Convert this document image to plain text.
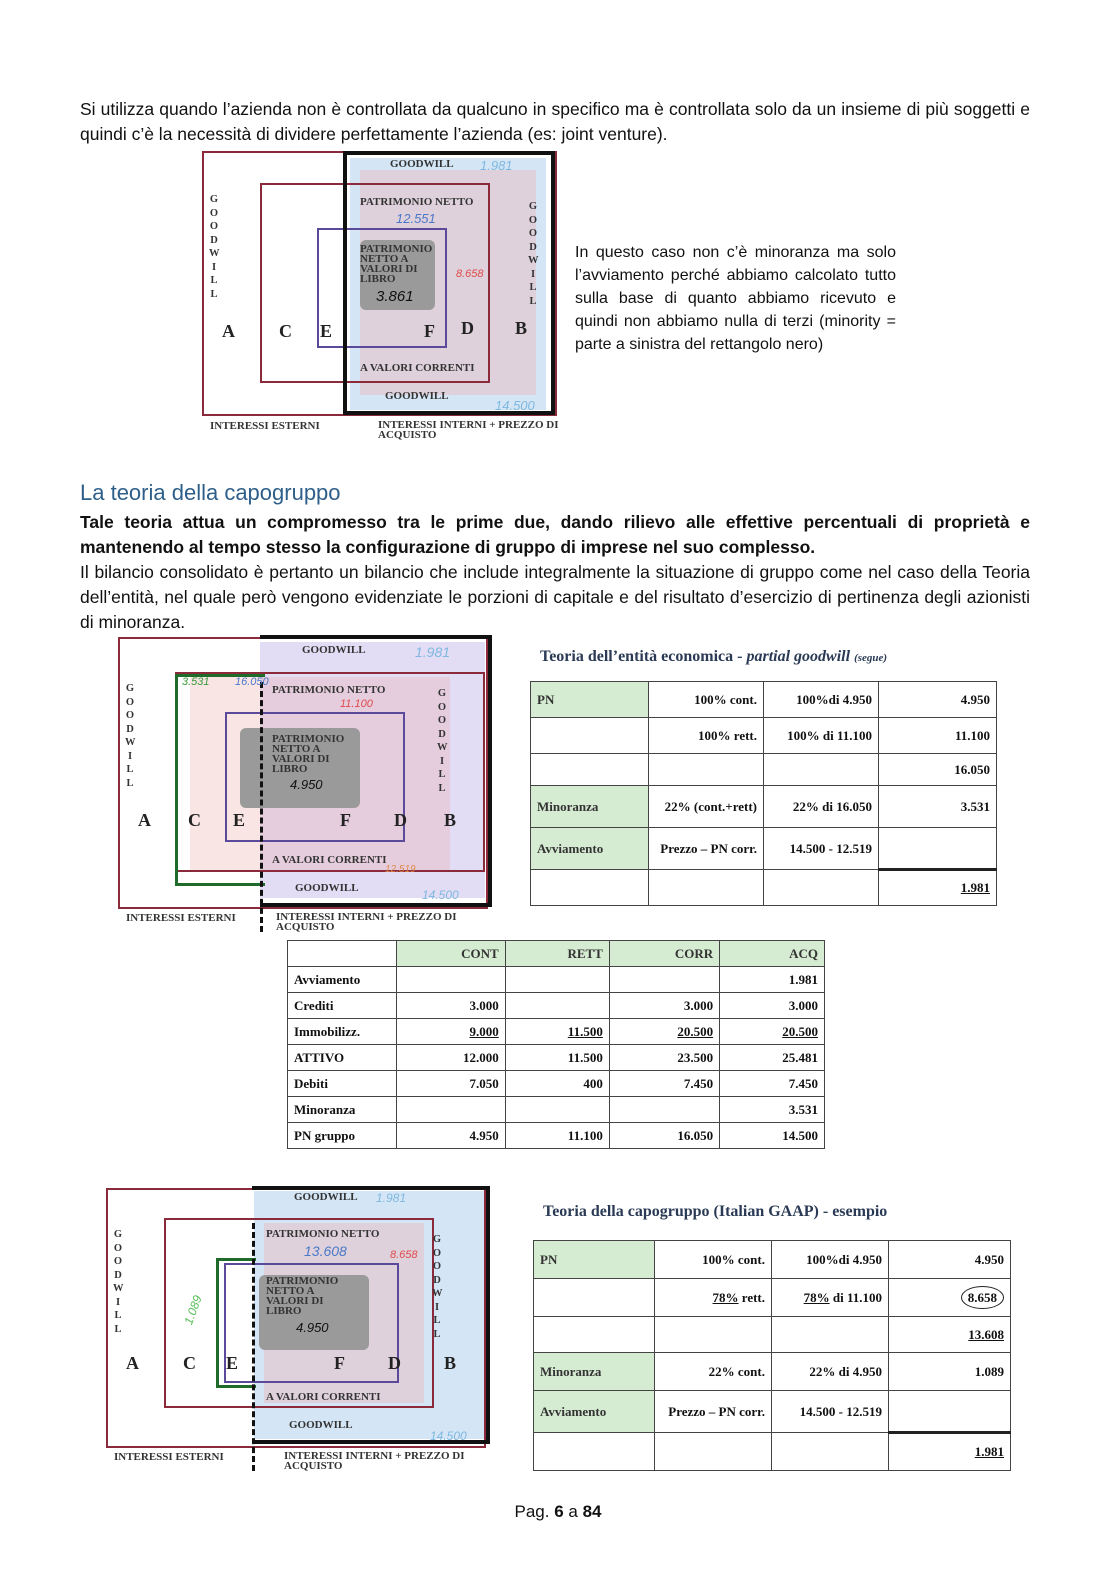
Si utilizza quando l’azienda non è controllata da qualcuno in specifico ma è controllata solo da un insieme di più soggetti e quindi c’è la necessità di dividere perfettamente l’azienda (es: joint venture).
GOODWILL 1.981
PATRIMONIO NETTO
12.551
PATRIMONIO NETTO A VALORI DI LIBRO
3.861
8.658
A VALORI CORRENTI
GOODWILL
14.500
GOODWILL
GOODWILL
A C E	F D B
INTERESSI ESTERNI	INTERESSI INTERNI + PREZZO DI ACQUISTO
In questo caso non c’è minoranza ma solo l’avviamento perché abbiamo calcolato tutto sulla base di quanto abbiamo ricevuto e quindi non abbiamo nulla di terzi (minority = parte a sinistra del rettangolo nero)
La teoria della capogruppo
Tale teoria attua un compromesso tra le prime due, dando rilievo alle effettive percentuali di proprietà e mantenendo al tempo stesso la configurazione di gruppo di imprese nel suo complesso.
Il bilancio consolidato è pertanto un bilancio che include integralmente la situazione di gruppo come nel caso della Teoria dell’entità, nel quale però vengono evidenziate le porzioni di capitale e del risultato d’esercizio di pertinenza degli azionisti di minoranza.
GOODWILL	1.981
3.531 16.050
PATRIMONIO NETTO
11.100
PATRIMONIO NETTO A VALORI DI LIBRO
4.950
A VALORI CORRENTI
12.519
GOODWILL	14.500
GOODWILL
GOODWILL
A C E	F D B
INTERESSI ESTERNI	INTERESSI INTERNI + PREZZO DI ACQUISTO
Teoria dell’entità economica - partial goodwill (segue)
PN	100% cont.	100%di 4.950	4.950
	100% rett.	100% di 11.100	11.100
			16.050
Minoranza	22% (cont.+rett)	22% di 16.050	3.531
Avviamento	Prezzo – PN corr.	14.500 - 12.519	
			1.981
	CONT	RETT	CORR	ACQ
Avviamento				1.981
Crediti	3.000		3.000	3.000
Immobilizz.	9.000	11.500	20.500	20.500
ATTIVO	12.000	11.500	23.500	25.481
Debiti	7.050	400	7.450	7.450
Minoranza				3.531
PN gruppo	4.950	11.100	16.050	14.500
GOODWILL 1.981
PATRIMONIO NETTO
13.608	8.658
PATRIMONIO NETTO A VALORI DI LIBRO
4.950
1.089
A VALORI CORRENTI
GOODWILL
14.500
GOODWILL
GOODWILL
A C E	F D B
INTERESSI ESTERNI	INTERESSI INTERNI + PREZZO DI ACQUISTO
Teoria della capogruppo (Italian GAAP) - esempio
PN	100% cont.	100%di 4.950	4.950
	78% rett.	78% di 11.100	8.658
			13.608
Minoranza	22% cont.	22% di 4.950	1.089
Avviamento	Prezzo – PN corr.	14.500 - 12.519	
			1.981
Pag. 6 a 84
